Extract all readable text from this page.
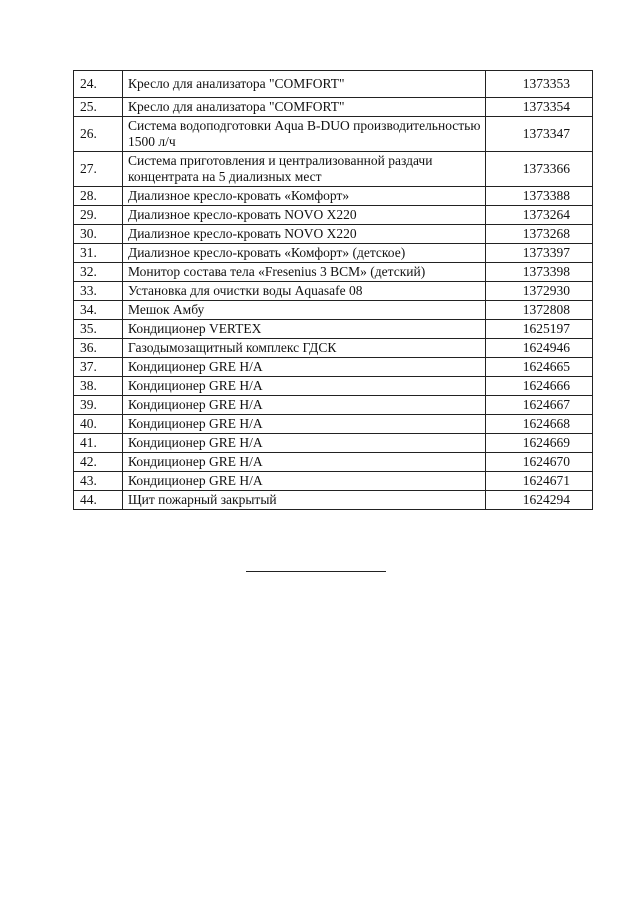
24.	Кресло для анализатора "COMFORT"	1373353
25.	Кресло для анализатора "COMFORT"	1373354
26.	Система водоподготовки Aqua B-DUO производительностью 1500 л/ч	1373347
27.	Система приготовления и централизованной раздачи концентрата на 5 диализных мест	1373366
28.	Диализное кресло-кровать «Комфорт»	1373388
29.	Диализное кресло-кровать NOVO X220	1373264
30.	Диализное кресло-кровать NOVO X220	1373268
31.	Диализное кресло-кровать «Комфорт» (детское)	1373397
32.	Монитор состава тела «Fresenius 3 BCM» (детский)	1373398
33.	Установка для очистки воды Aquasafe 08	1372930
34.	Мешок Амбу	1372808
35.	Кондиционер VERTEX	1625197
36.	Газодымозащитный комплекс ГДСК	1624946
37.	Кондиционер GRE H/A	1624665
38.	Кондиционер GRE H/A	1624666
39.	Кондиционер GRE H/A	1624667
40.	Кондиционер GRE H/A	1624668
41.	Кондиционер GRE H/A	1624669
42.	Кондиционер GRE H/A	1624670
43.	Кондиционер GRE H/A	1624671
44.	Щит пожарный закрытый	1624294
